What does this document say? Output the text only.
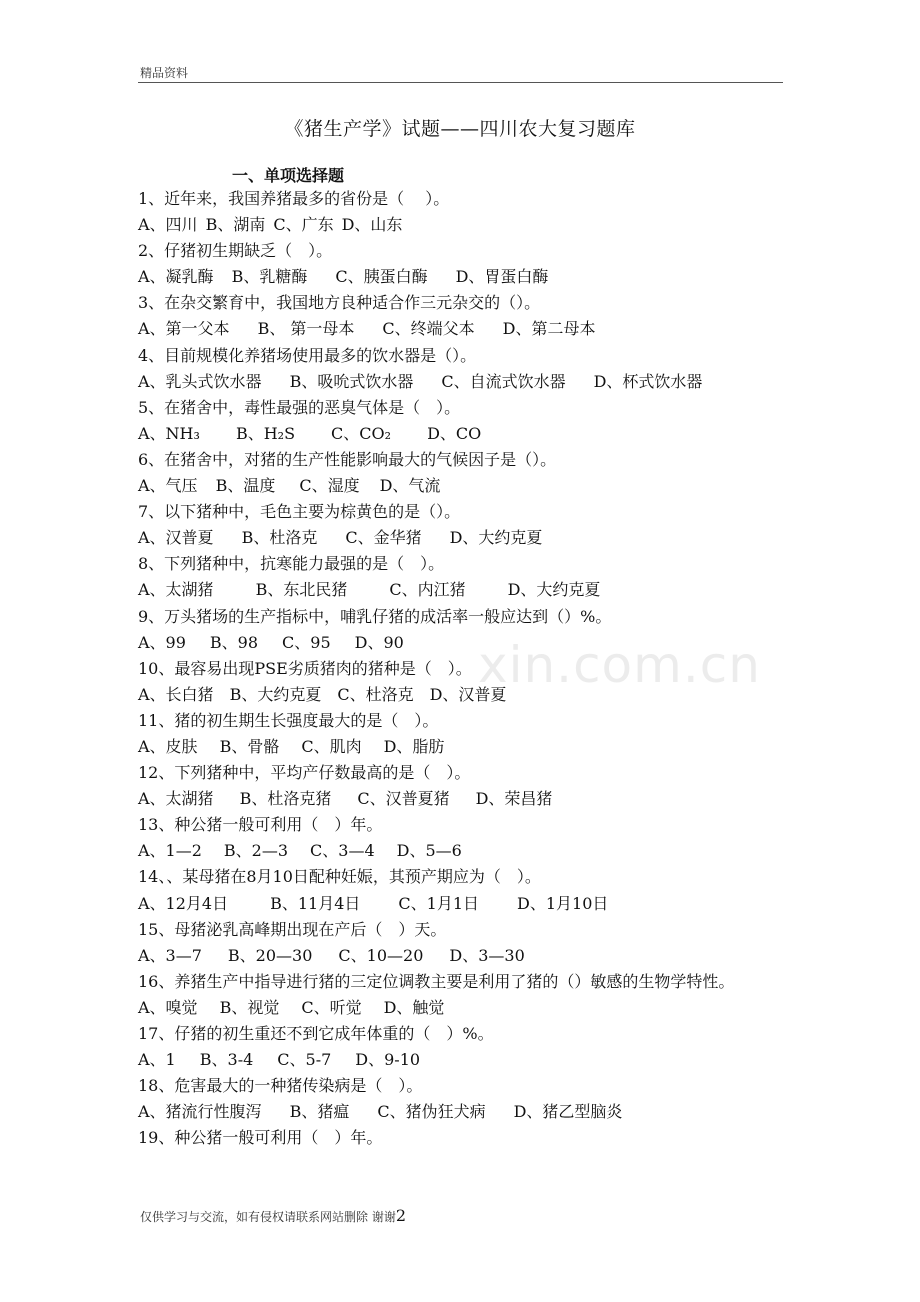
精品资料
《猪生产学》试题——四川农大复习题库
一、单项选择题
xin.com.cn
1、近年来，我国养猪最多的省份是（　 ）。
A、四川 B、湖南 C、广东 D、山东
2、仔猪初生期缺乏（　）。
A、凝乳酶 B、乳糖酶 C、胰蛋白酶 D、胃蛋白酶
3、在杂交繁育中，我国地方良种适合作三元杂交的（）。
A、第一父本 B、 第一母本 C、终端父本 D、第二母本
4、目前规模化养猪场使用最多的饮水器是（）。
A、乳头式饮水器 B、吸吮式饮水器 C、自流式饮水器 D、杯式饮水器
5、在猪舍中，毒性最强的恶臭气体是（　）。
A、NH₃ B、H₂S C、CO₂ D、CO
6、在猪舍中，对猪的生产性能影响最大的气候因子是（）。
A、气压 B、温度 C、湿度 D、气流
7、以下猪种中，毛色主要为棕黄色的是（）。
A、汉普夏 B、杜洛克 C、金华猪 D、大约克夏
8、下列猪种中，抗寒能力最强的是（　）。
A、太湖猪	B、东北民猪	C、内江猪	D、大约克夏
9、万头猪场的生产指标中，哺乳仔猪的成活率一般应达到（）%。
A、99 B、98 C、95 D、90
10、最容易出现PSE劣质猪肉的猪种是（　）。
A、长白猪 B、大约克夏 C、杜洛克 D、汉普夏
11、猪的初生期生长强度最大的是（　）。
A、皮肤 B、骨骼 C、肌肉 D、脂肪
12、下列猪种中，平均产仔数最高的是（　）。
A、太湖猪 B、杜洛克猪 C、汉普夏猪 D、荣昌猪
13、种公猪一般可利用（　）年。
A、1—2 B、2—3 C、3—4 D、5—6
14、、某母猪在8月10日配种妊娠，其预产期应为（　）。
A、12月4日	B、11月4日 C、1月1日 D、1月10日
15、母猪泌乳高峰期出现在产后（　）天。
A、3—7 B、20—30 C、10—20 D、3—30
16、养猪生产中指导进行猪的三定位调教主要是利用了猪的（）敏感的生物学特性。
A、嗅觉 B、视觉 C、听觉 D、触觉
17、仔猪的初生重还不到它成年体重的（　）%。
A、1 B、3-4 C、5-7 D、9-10
18、危害最大的一种猪传染病是（　）。
A、猪流行性腹泻 B、猪瘟 C、猪伪狂犬病 D、猪乙型脑炎
19、种公猪一般可利用（　）年。
仅供学习与交流，如有侵权请联系网站删除 谢谢2
